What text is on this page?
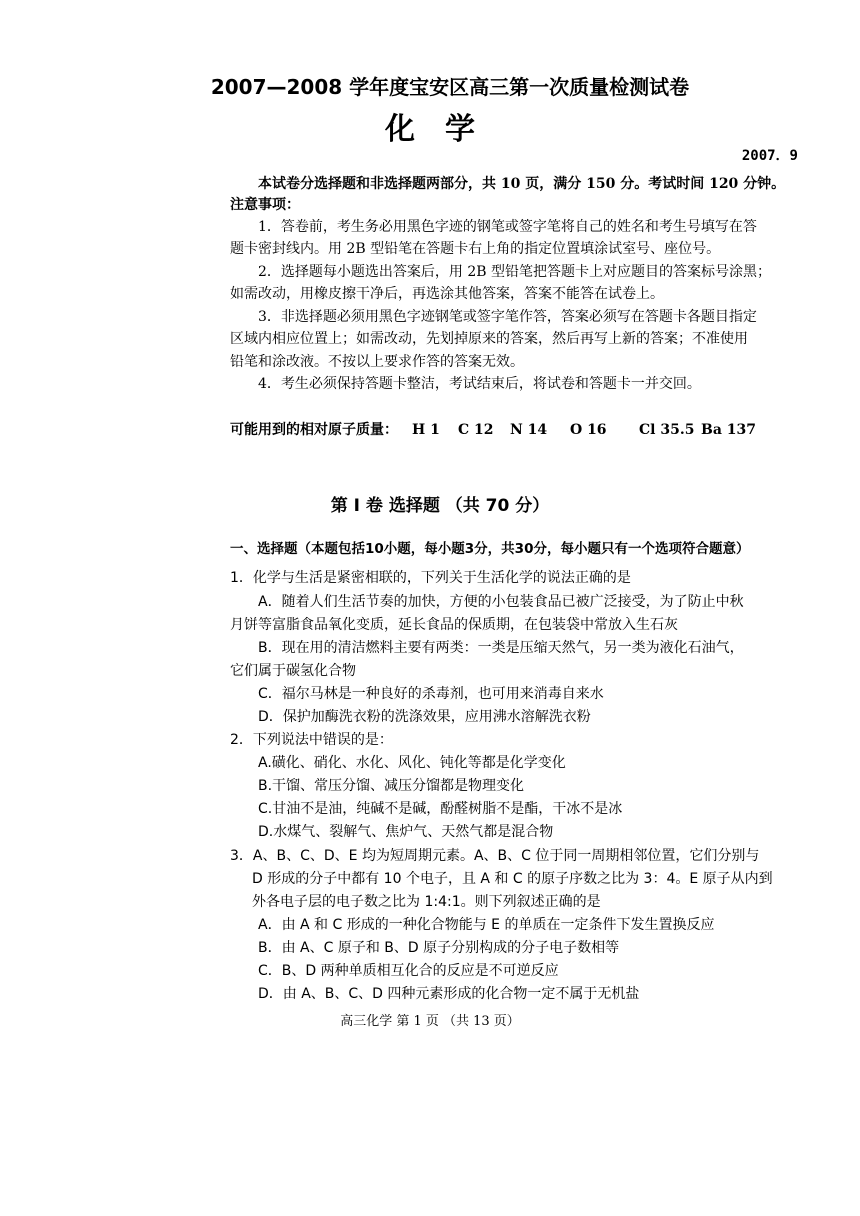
2007—2008 学年度宝安区高三第一次质量检测试卷
化学
2007．9
本试卷分选择题和非选择题两部分，共 10 页，满分 150 分。考试时间 120 分钟。
注意事项：
1．答卷前，考生务必用黑色字迹的钢笔或签字笔将自己的姓名和考生号填写在答
题卡密封线内。用 2B 型铅笔在答题卡右上角的指定位置填涂试室号、座位号。
2．选择题每小题选出答案后，用 2B 型铅笔把答题卡上对应题目的答案标号涂黑；
如需改动，用橡皮擦干净后，再选涂其他答案，答案不能答在试卷上。
3．非选择题必须用黑色字迹钢笔或签字笔作答，答案必须写在答题卡各题目指定
区域内相应位置上；如需改动，先划掉原来的答案，然后再写上新的答案；不准使用
铅笔和涂改液。不按以上要求作答的答案无效。
4．考生必须保持答题卡整洁，考试结束后，将试卷和答题卡一并交回。
可能用到的相对原子质量： H 1 C 12 N 14 O 16 Cl 35.5 Ba 137
第 Ⅰ 卷 选择题 （共 70 分）
一、选择题（本题包括10小题，每小题3分，共30分，每小题只有一个选项符合题意）
1．化学与生活是紧密相联的，下列关于生活化学的说法正确的是
A．随着人们生活节奏的加快，方便的小包装食品已被广泛接受，为了防止中秋
月饼等富脂食品氧化变质，延长食品的保质期，在包装袋中常放入生石灰
B．现在用的清洁燃料主要有两类：一类是压缩天然气，另一类为液化石油气，
它们属于碳氢化合物
C．福尔马林是一种良好的杀毒剂，也可用来消毒自来水
D．保护加酶洗衣粉的洗涤效果，应用沸水溶解洗衣粉
2．下列说法中错误的是：
A.磺化、硝化、水化、风化、钝化等都是化学变化
B.干馏、常压分馏、减压分馏都是物理变化
C.甘油不是油，纯碱不是碱，酚醛树脂不是酯，干冰不是冰
D.水煤气、裂解气、焦炉气、天然气都是混合物
3．A、B、C、D、E 均为短周期元素。A、B、C 位于同一周期相邻位置，它们分别与
D 形成的分子中都有 10 个电子，且 A 和 C 的原子序数之比为 3：4。E 原子从内到
外各电子层的电子数之比为 1:4:1。则下列叙述正确的是
A．由 A 和 C 形成的一种化合物能与 E 的单质在一定条件下发生置换反应
B．由 A、C 原子和 B、D 原子分别构成的分子电子数相等
C．B、D 两种单质相互化合的反应是不可逆反应
D．由 A、B、C、D 四种元素形成的化合物一定不属于无机盐
高三化学 第 1 页 （共 13 页）
